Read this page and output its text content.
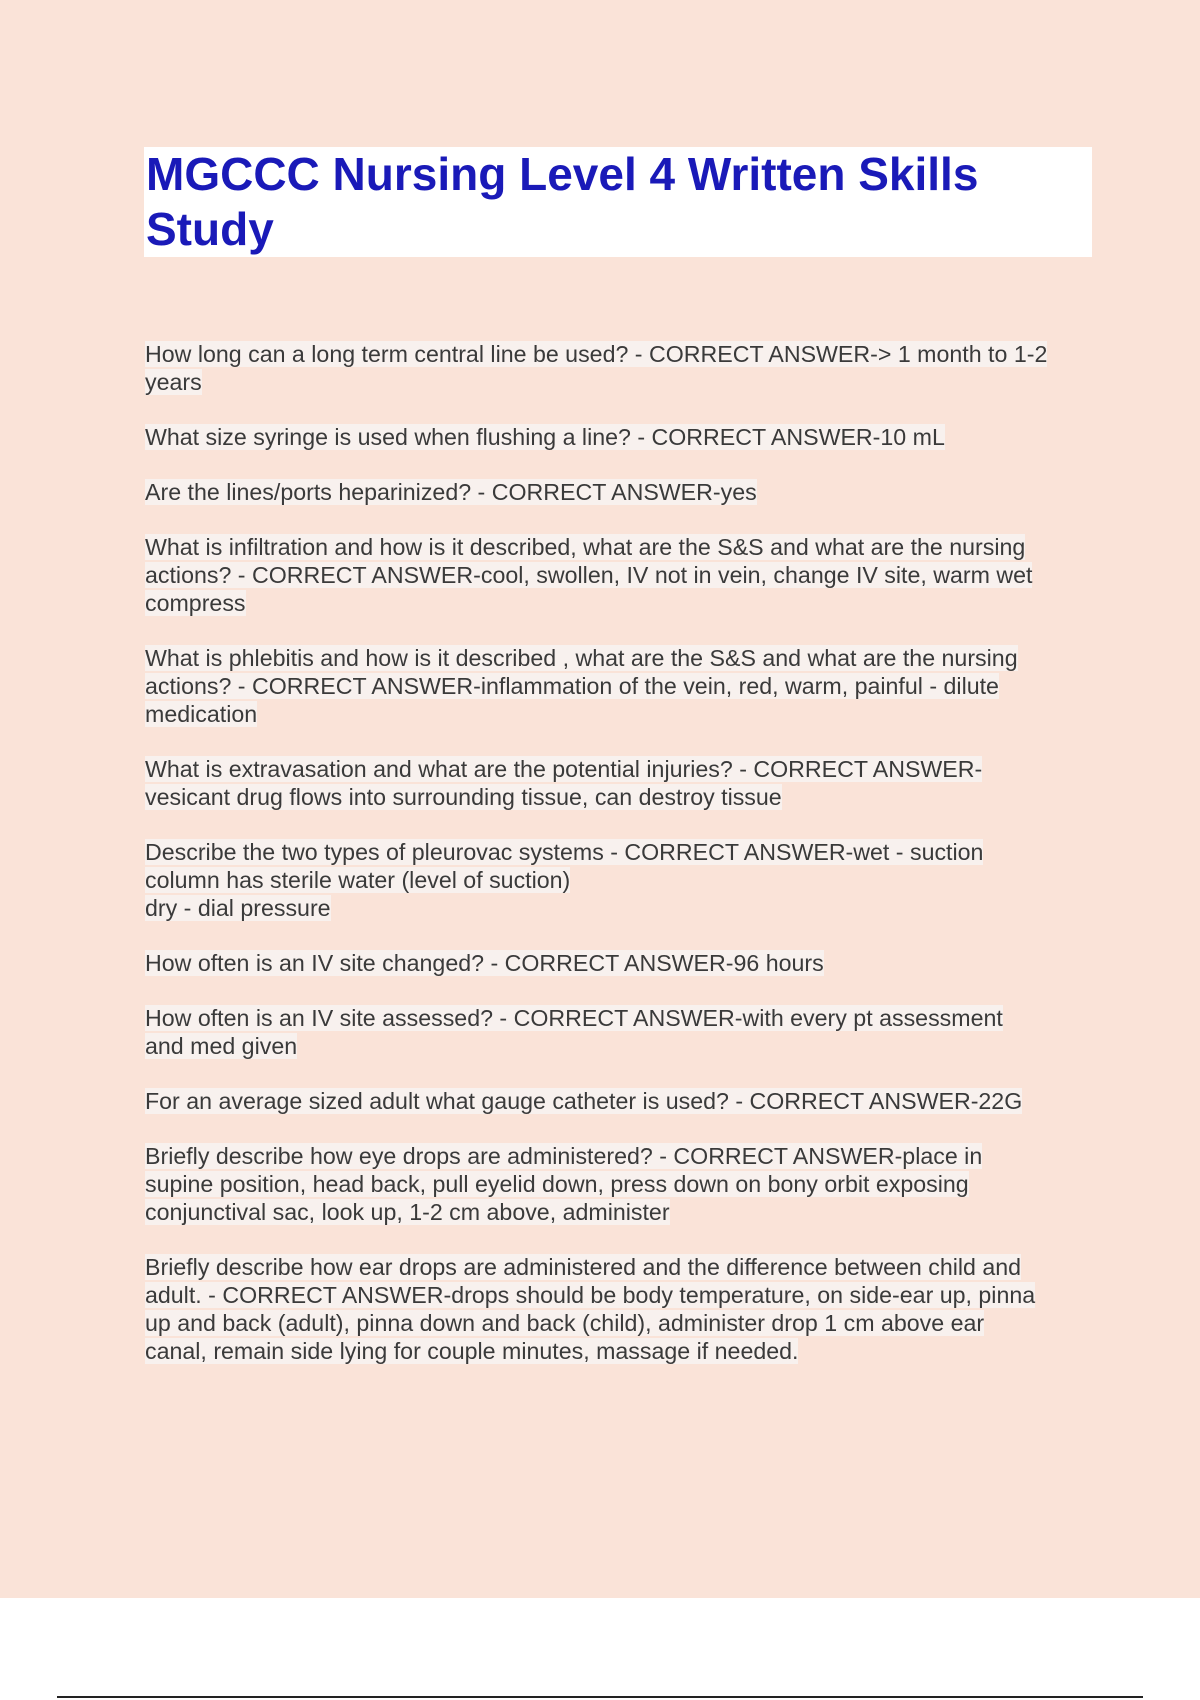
MGCCC Nursing Level 4 Written Skills Study

How long can a long term central line be used? - CORRECT ANSWER-> 1 month to 1-2
years

What size syringe is used when flushing a line? - CORRECT ANSWER-10 mL

Are the lines/ports heparinized? - CORRECT ANSWER-yes

What is infiltration and how is it described, what are the S&S and what are the nursing
actions? - CORRECT ANSWER-cool, swollen, IV not in vein, change IV site, warm wet
compress

What is phlebitis and how is it described , what are the S&S and what are the nursing
actions? - CORRECT ANSWER-inflammation of the vein, red, warm, painful - dilute
medication

What is extravasation and what are the potential injuries? - CORRECT ANSWER-
vesicant drug flows into surrounding tissue, can destroy tissue

Describe the two types of pleurovac systems - CORRECT ANSWER-wet - suction
column has sterile water (level of suction)
dry - dial pressure

How often is an IV site changed? - CORRECT ANSWER-96 hours

How often is an IV site assessed? - CORRECT ANSWER-with every pt assessment
and med given

For an average sized adult what gauge catheter is used? - CORRECT ANSWER-22G

Briefly describe how eye drops are administered? - CORRECT ANSWER-place in
supine position, head back, pull eyelid down, press down on bony orbit exposing
conjunctival sac, look up, 1-2 cm above, administer

Briefly describe how ear drops are administered and the difference between child and
adult. - CORRECT ANSWER-drops should be body temperature, on side-ear up, pinna
up and back (adult), pinna down and back (child), administer drop 1 cm above ear
canal, remain side lying for couple minutes, massage if needed.
